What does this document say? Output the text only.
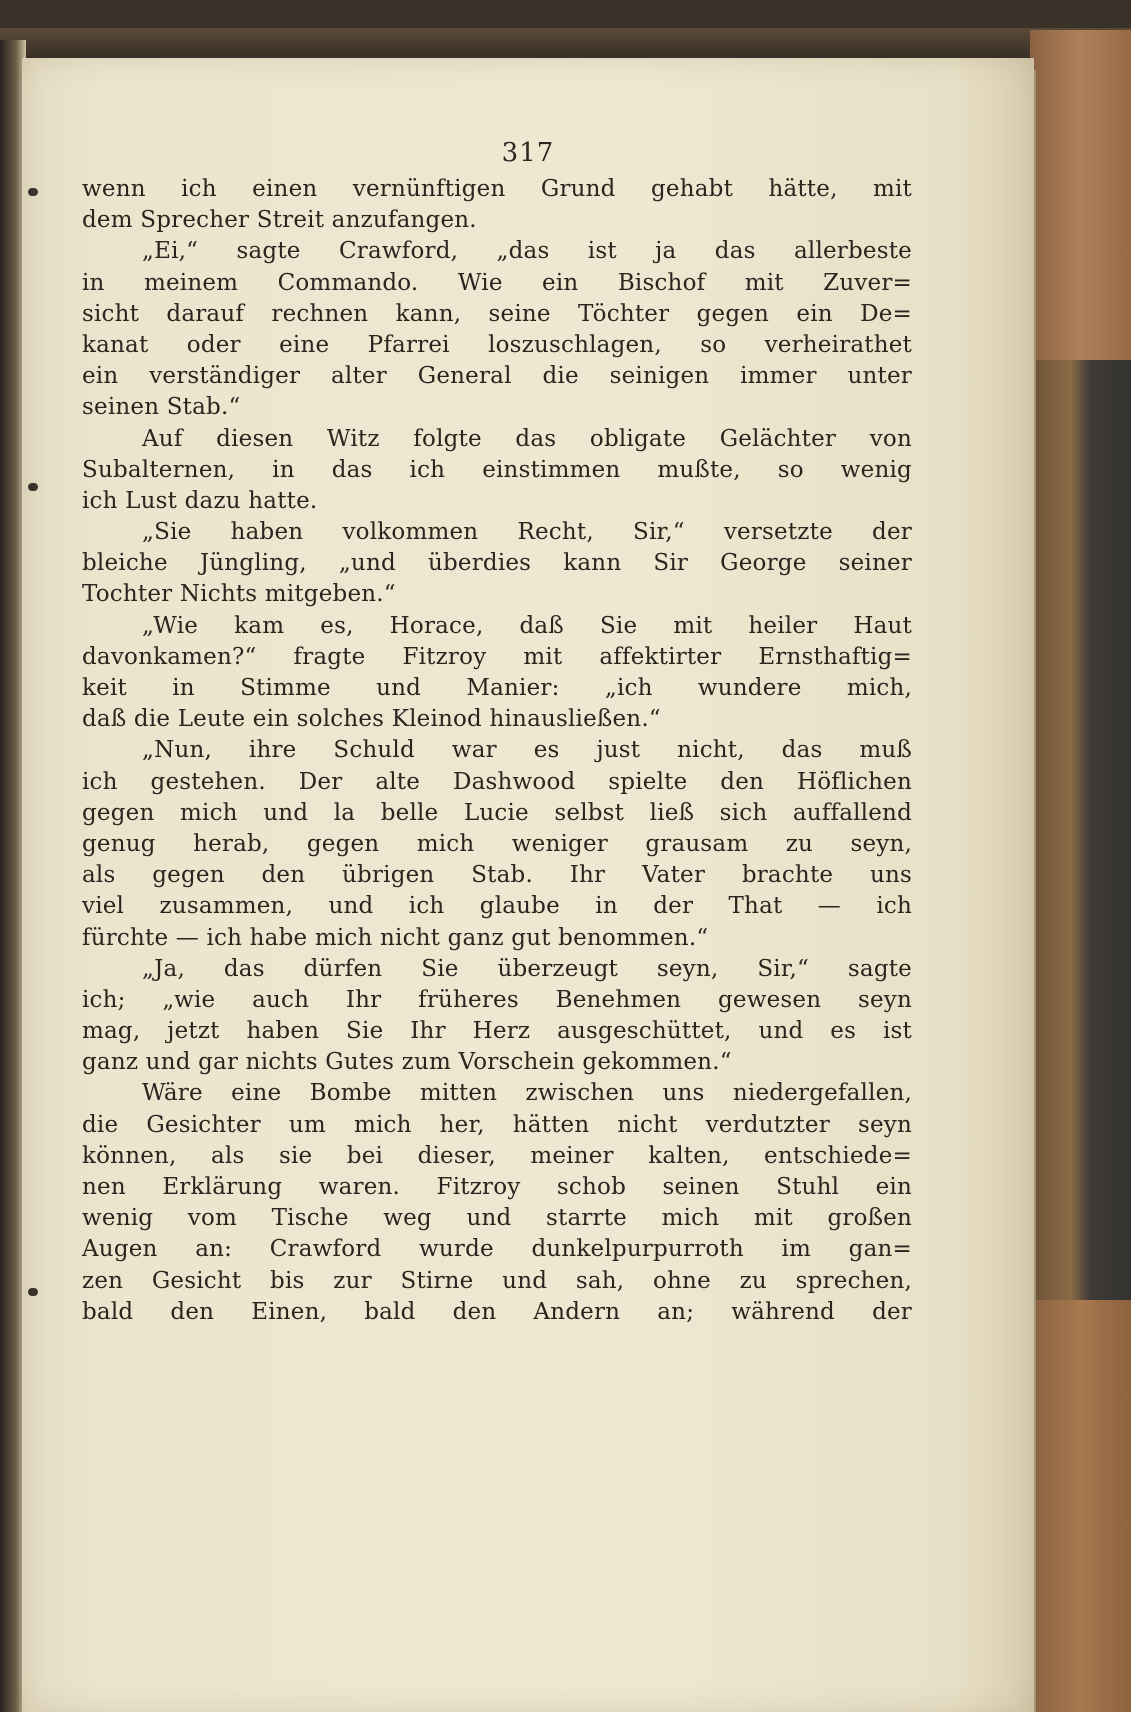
317
wenn ich einen vernünftigen Grund gehabt hätte, mit
dem Sprecher Streit anzufangen.
„Ei,“ sagte Crawford, „das ist ja das allerbeste
in meinem Commando. Wie ein Bischof mit Zuver=
sicht darauf rechnen kann, seine Töchter gegen ein De=
kanat oder eine Pfarrei loszuschlagen, so verheirathet
ein verständiger alter General die seinigen immer unter
seinen Stab.“
Auf diesen Witz folgte das obligate Gelächter von
Subalternen, in das ich einstimmen mußte, so wenig
ich Lust dazu hatte.
„Sie haben volkommen Recht, Sir,“ versetzte der
bleiche Jüngling, „und überdies kann Sir George seiner
Tochter Nichts mitgeben.“
„Wie kam es, Horace, daß Sie mit heiler Haut
davonkamen?“ fragte Fitzroy mit affektirter Ernsthaftig=
keit in Stimme und Manier: „ich wundere mich,
daß die Leute ein solches Kleinod hinausließen.“
„Nun, ihre Schuld war es just nicht, das muß
ich gestehen. Der alte Dashwood spielte den Höflichen
gegen mich und la belle Lucie selbst ließ sich auffallend
genug herab, gegen mich weniger grausam zu seyn,
als gegen den übrigen Stab. Ihr Vater brachte uns
viel zusammen, und ich glaube in der That — ich
fürchte — ich habe mich nicht ganz gut benommen.“
„Ja, das dürfen Sie überzeugt seyn, Sir,“ sagte
ich; „wie auch Ihr früheres Benehmen gewesen seyn
mag, jetzt haben Sie Ihr Herz ausgeschüttet, und es ist
ganz und gar nichts Gutes zum Vorschein gekommen.“
Wäre eine Bombe mitten zwischen uns niedergefallen,
die Gesichter um mich her, hätten nicht verdutzter seyn
können, als sie bei dieser, meiner kalten, entschiede=
nen Erklärung waren. Fitzroy schob seinen Stuhl ein
wenig vom Tische weg und starrte mich mit großen
Augen an: Crawford wurde dunkelpurpurroth im gan=
zen Gesicht bis zur Stirne und sah, ohne zu sprechen,
bald den Einen, bald den Andern an; während der
